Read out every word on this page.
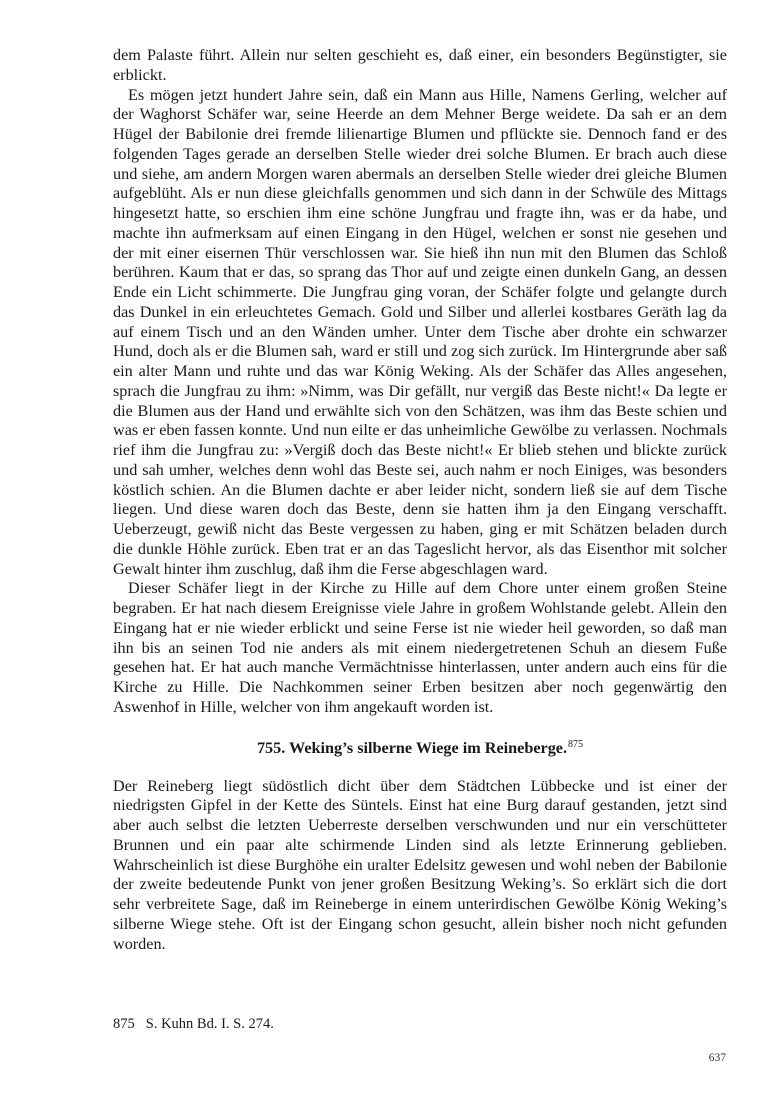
dem Palaste führt. Allein nur selten geschieht es, daß einer, ein besonders Begünstigter, sie erblickt.

Es mögen jetzt hundert Jahre sein, daß ein Mann aus Hille, Namens Gerling, welcher auf der Waghorst Schäfer war, seine Heerde an dem Mehner Berge weidete. Da sah er an dem Hügel der Babilonie drei fremde lilienartige Blumen und pflückte sie. Dennoch fand er des folgenden Tages gerade an derselben Stelle wieder drei solche Blumen. Er brach auch diese und siehe, am andern Morgen waren abermals an derselben Stelle wieder drei gleiche Blumen aufgeblüht. Als er nun diese gleichfalls genommen und sich dann in der Schwüle des Mittags hingesetzt hatte, so erschien ihm eine schöne Jungfrau und fragte ihn, was er da habe, und machte ihn aufmerksam auf einen Eingang in den Hügel, welchen er sonst nie gesehen und der mit einer eisernen Thür verschlossen war. Sie hieß ihn nun mit den Blumen das Schloß berühren. Kaum that er das, so sprang das Thor auf und zeigte einen dunkeln Gang, an dessen Ende ein Licht schimmerte. Die Jungfrau ging voran, der Schäfer folgte und gelangte durch das Dunkel in ein erleuchtetes Gemach. Gold und Silber und allerlei kostbares Geräth lag da auf einem Tisch und an den Wänden umher. Unter dem Tische aber drohte ein schwarzer Hund, doch als er die Blumen sah, ward er still und zog sich zurück. Im Hintergrunde aber saß ein alter Mann und ruhte und das war König Weking. Als der Schäfer das Alles angesehen, sprach die Jungfrau zu ihm: »Nimm, was Dir gefällt, nur vergiß das Beste nicht!« Da legte er die Blumen aus der Hand und erwählte sich von den Schätzen, was ihm das Beste schien und was er eben fassen konnte. Und nun eilte er das unheimliche Gewölbe zu verlassen. Nochmals rief ihm die Jungfrau zu: »Vergiß doch das Beste nicht!« Er blieb stehen und blickte zurück und sah umher, welches denn wohl das Beste sei, auch nahm er noch Einiges, was besonders köstlich schien. An die Blumen dachte er aber leider nicht, sondern ließ sie auf dem Tische liegen. Und diese waren doch das Beste, denn sie hatten ihm ja den Eingang verschafft. Ueberzeugt, gewiß nicht das Beste vergessen zu haben, ging er mit Schätzen beladen durch die dunkle Höhle zurück. Eben trat er an das Tageslicht hervor, als das Eisenthor mit solcher Gewalt hinter ihm zuschlug, daß ihm die Ferse abgeschlagen ward.

Dieser Schäfer liegt in der Kirche zu Hille auf dem Chore unter einem großen Steine begraben. Er hat nach diesem Ereignisse viele Jahre in großem Wohlstande gelebt. Allein den Eingang hat er nie wieder erblickt und seine Ferse ist nie wieder heil geworden, so daß man ihn bis an seinen Tod nie anders als mit einem niedergetretenen Schuh an diesem Fuße gesehen hat. Er hat auch manche Vermächtnisse hinterlassen, unter andern auch eins für die Kirche zu Hille. Die Nachkommen seiner Erben besitzen aber noch gegenwärtig den Aswenhof in Hille, welcher von ihm angekauft worden ist.

755. Weking’s silberne Wiege im Reineberge.$^{875}$

Der Reineberg liegt südöstlich dicht über dem Städtchen Lübbecke und ist einer der niedrigsten Gipfel in der Kette des Süntels. Einst hat eine Burg darauf gestanden, jetzt sind aber auch selbst die letzten Ueberreste derselben verschwunden und nur ein verschütteter Brunnen und ein paar alte schirmende Linden sind als letzte Erinnerung geblieben. Wahrscheinlich ist diese Burghöhe ein uralter Edelsitz gewesen und wohl neben der Babilonie der zweite bedeutende Punkt von jener großen Besitzung Weking’s. So erklärt sich die dort sehr verbreitete Sage, daß im Reineberge in einem unterirdischen Gewölbe König Weking’s silberne Wiege stehe. Oft ist der Eingang schon gesucht, allein bisher noch nicht gefunden worden.

875 S. Kuhn Bd. I. S. 274.
637
